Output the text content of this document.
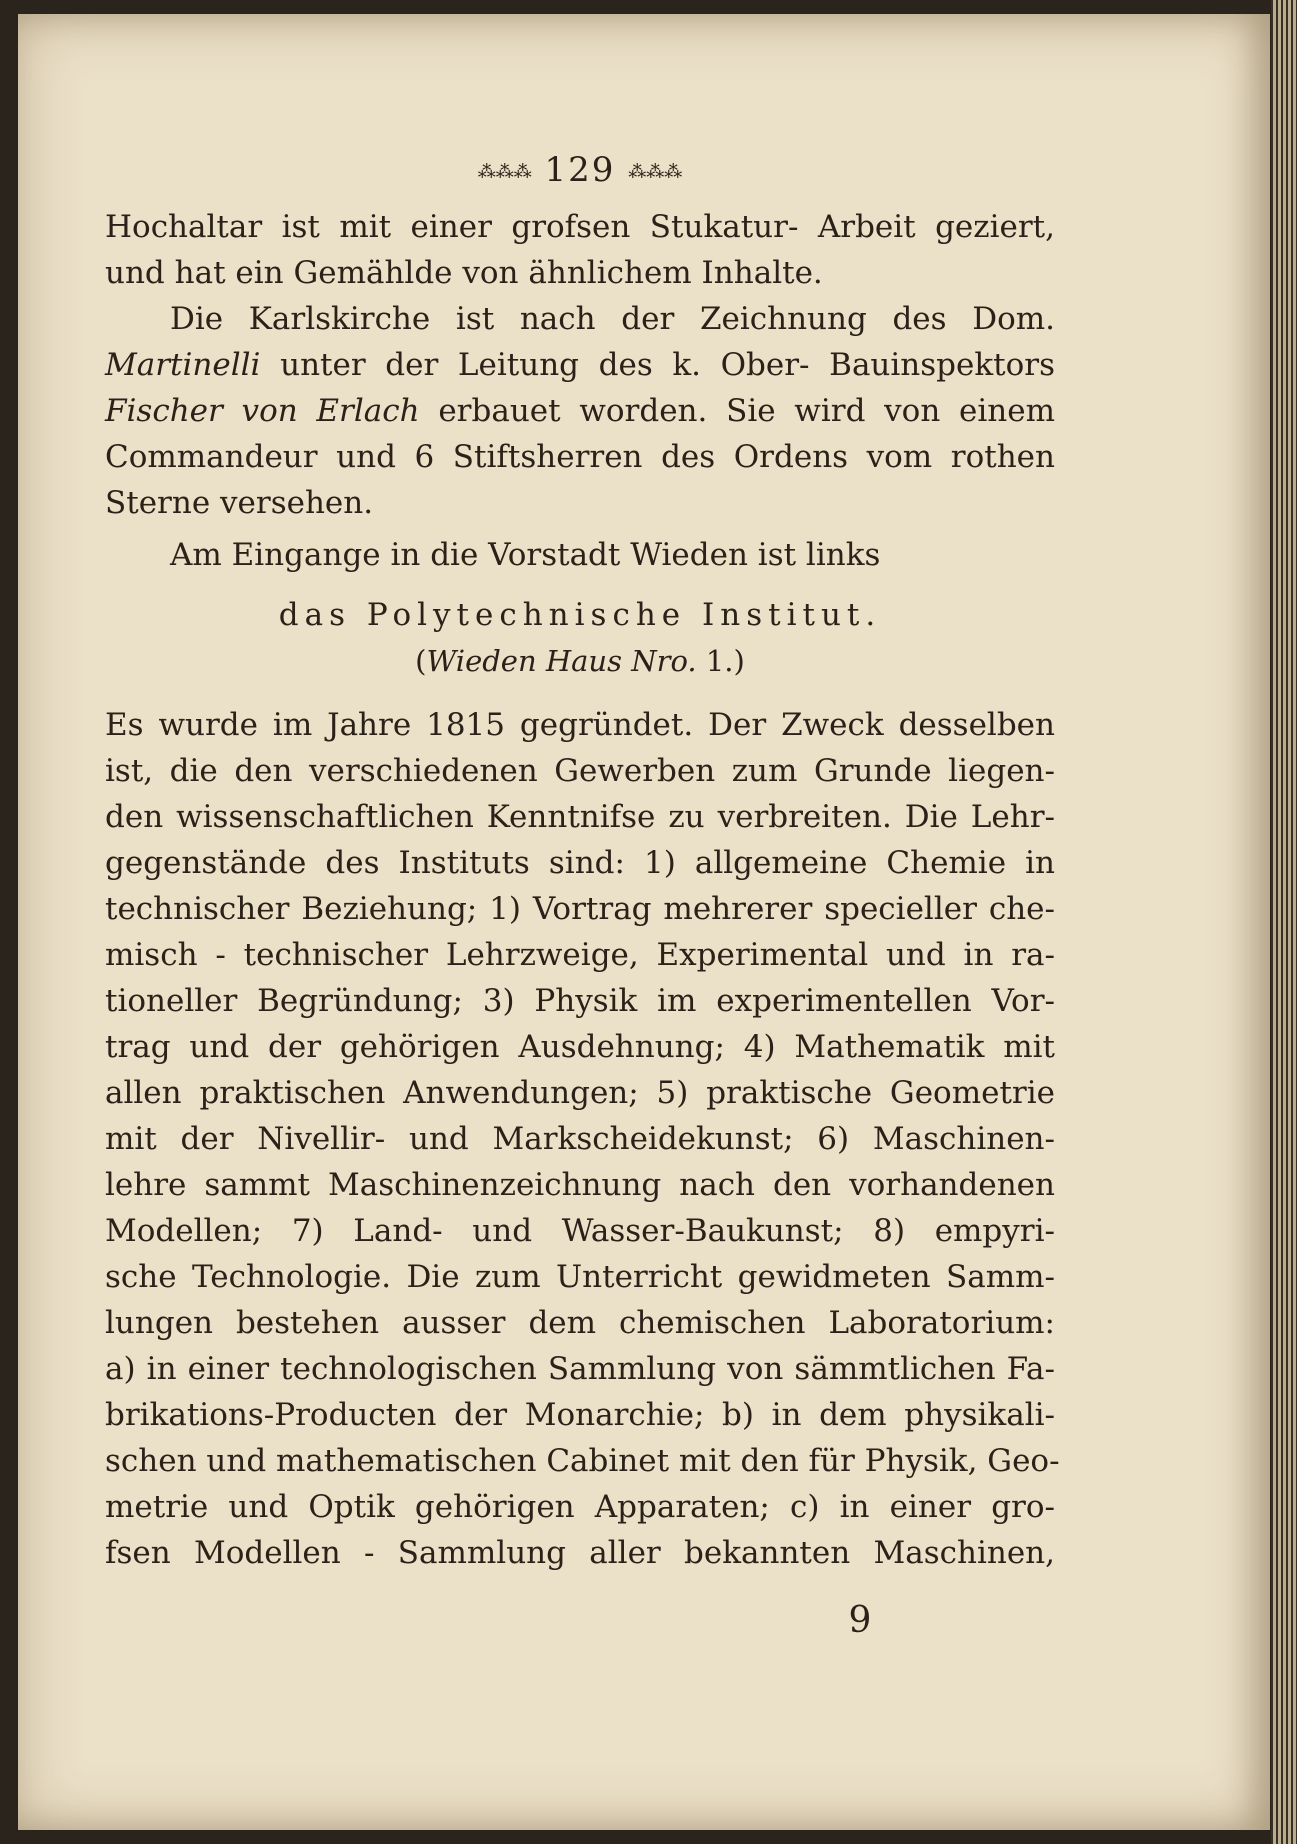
⁂⁂⁂ 129 ⁂⁂⁂
Hochaltar ist mit einer grofsen Stukatur- Arbeit geziert,
und hat ein Gemählde von ähnlichem Inhalte.
Die Karlskirche ist nach der Zeichnung des Dom.
Martinelli unter der Leitung des k. Ober- Bauinspektors
Fischer von Erlach erbauet worden. Sie wird von einem
Commandeur und 6 Stiftsherren des Ordens vom rothen
Sterne versehen.
Am Eingange in die Vorstadt Wieden ist links
das Polytechnische Institut.
(Wieden Haus Nro. 1.)
Es wurde im Jahre 1815 gegründet. Der Zweck desselben
ist, die den verschiedenen Gewerben zum Grunde liegen-
den wissenschaftlichen Kenntnifse zu verbreiten. Die Lehr-
gegenstände des Instituts sind: 1) allgemeine Chemie in
technischer Beziehung; 1) Vortrag mehrerer specieller che-
misch - technischer Lehrzweige, Experimental und in ra-
tioneller Begründung; 3) Physik im experimentellen Vor-
trag und der gehörigen Ausdehnung; 4) Mathematik mit
allen praktischen Anwendungen; 5) praktische Geometrie
mit der Nivellir- und Markscheidekunst; 6) Maschinen-
lehre sammt Maschinenzeichnung nach den vorhandenen
Modellen; 7) Land- und Wasser-Baukunst; 8) empyri-
sche Technologie. Die zum Unterricht gewidmeten Samm-
lungen bestehen ausser dem chemischen Laboratorium:
a) in einer technologischen Sammlung von sämmtlichen Fa-
brikations-Producten der Monarchie; b) in dem physikali-
schen und mathematischen Cabinet mit den für Physik, Geo-
metrie und Optik gehörigen Apparaten; c) in einer gro-
fsen Modellen - Sammlung aller bekannten Maschinen,
9
